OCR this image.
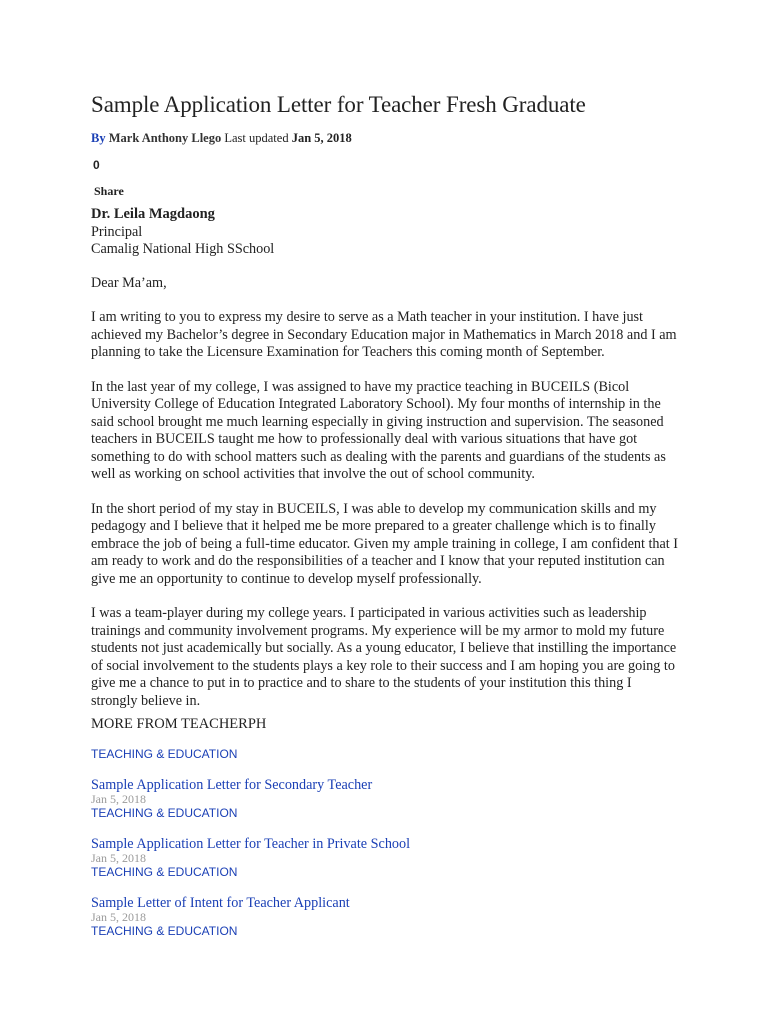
Sample Application Letter for Teacher Fresh Graduate
By Mark Anthony Llego Last updated Jan 5, 2018
0
Share
Dr. Leila Magdaong
Principal
Camalig National High SSchool
Dear Ma’am,

I am writing to you to express my desire to serve as a Math teacher in your institution. I have just achieved my Bachelor’s degree in Secondary Education major in Mathematics in March 2018 and I am planning to take the Licensure Examination for Teachers this coming month of September.

In the last year of my college, I was assigned to have my practice teaching in BUCEILS (Bicol University College of Education Integrated Laboratory School). My four months of internship in the said school brought me much learning especially in giving instruction and supervision. The seasoned teachers in BUCEILS taught me how to professionally deal with various situations that have got something to do with school matters such as dealing with the parents and guardians of the students as well as working on school activities that involve the out of school community.

In the short period of my stay in BUCEILS, I was able to develop my communication skills and my pedagogy and I believe that it helped me be more prepared to a greater challenge which is to finally embrace the job of being a full-time educator. Given my ample training in college, I am confident that I am ready to work and do the responsibilities of a teacher and I know that your reputed institution can give me an opportunity to continue to develop myself professionally.

I was a team-player during my college years. I participated in various activities such as leadership trainings and community involvement programs. My experience will be my armor to mold my future students not just academically but socially. As a young educator, I believe that instilling the importance of social involvement to the students plays a key role to their success and I am hoping you are going to give me a chance to put in to practice and to share to the students of your institution this thing I strongly believe in.

MORE FROM TEACHERPH
TEACHING & EDUCATION
Sample Application Letter for Secondary Teacher
Jan 5, 2018
TEACHING & EDUCATION
Sample Application Letter for Teacher in Private School
Jan 5, 2018
TEACHING & EDUCATION
Sample Letter of Intent for Teacher Applicant
Jan 5, 2018
TEACHING & EDUCATION
